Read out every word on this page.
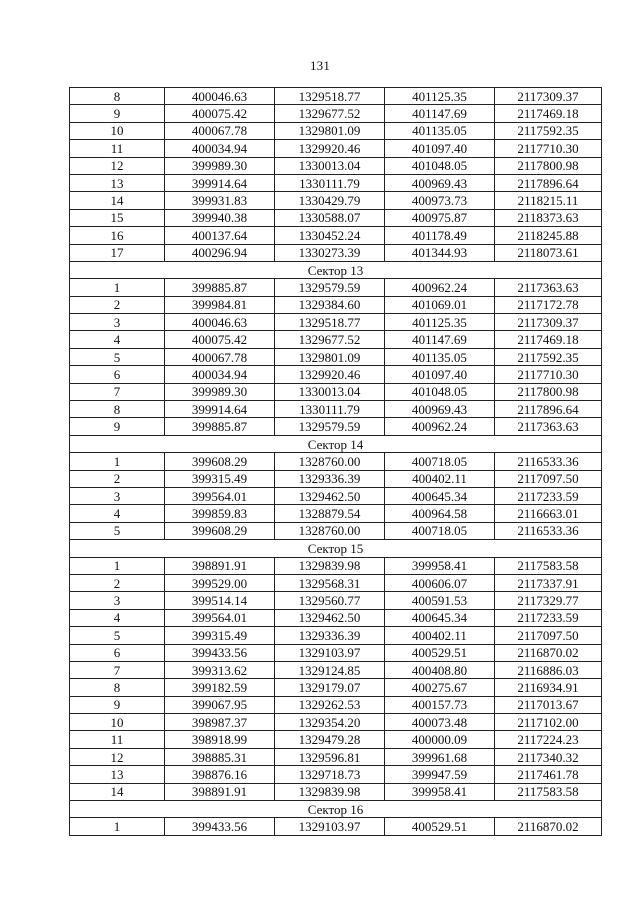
131
8	400046.63	1329518.77	401125.35	2117309.37
9	400075.42	1329677.52	401147.69	2117469.18
10	400067.78	1329801.09	401135.05	2117592.35
11	400034.94	1329920.46	401097.40	2117710.30
12	399989.30	1330013.04	401048.05	2117800.98
13	399914.64	1330111.79	400969.43	2117896.64
14	399931.83	1330429.79	400973.73	2118215.11
15	399940.38	1330588.07	400975.87	2118373.63
16	400137.64	1330452.24	401178.49	2118245.88
17	400296.94	1330273.39	401344.93	2118073.61
Сектор 13				
1	399885.87	1329579.59	400962.24	2117363.63
2	399984.81	1329384.60	401069.01	2117172.78
3	400046.63	1329518.77	401125.35	2117309.37
4	400075.42	1329677.52	401147.69	2117469.18
5	400067.78	1329801.09	401135.05	2117592.35
6	400034.94	1329920.46	401097.40	2117710.30
7	399989.30	1330013.04	401048.05	2117800.98
8	399914.64	1330111.79	400969.43	2117896.64
9	399885.87	1329579.59	400962.24	2117363.63
Сектор 14				
1	399608.29	1328760.00	400718.05	2116533.36
2	399315.49	1329336.39	400402.11	2117097.50
3	399564.01	1329462.50	400645.34	2117233.59
4	399859.83	1328879.54	400964.58	2116663.01
5	399608.29	1328760.00	400718.05	2116533.36
Сектор 15				
1	398891.91	1329839.98	399958.41	2117583.58
2	399529.00	1329568.31	400606.07	2117337.91
3	399514.14	1329560.77	400591.53	2117329.77
4	399564.01	1329462.50	400645.34	2117233.59
5	399315.49	1329336.39	400402.11	2117097.50
6	399433.56	1329103.97	400529.51	2116870.02
7	399313.62	1329124.85	400408.80	2116886.03
8	399182.59	1329179.07	400275.67	2116934.91
9	399067.95	1329262.53	400157.73	2117013.67
10	398987.37	1329354.20	400073.48	2117102.00
11	398918.99	1329479.28	400000.09	2117224.23
12	398885.31	1329596.81	399961.68	2117340.32
13	398876.16	1329718.73	399947.59	2117461.78
14	398891.91	1329839.98	399958.41	2117583.58
Сектор 16				
1	399433.56	1329103.97	400529.51	2116870.02
